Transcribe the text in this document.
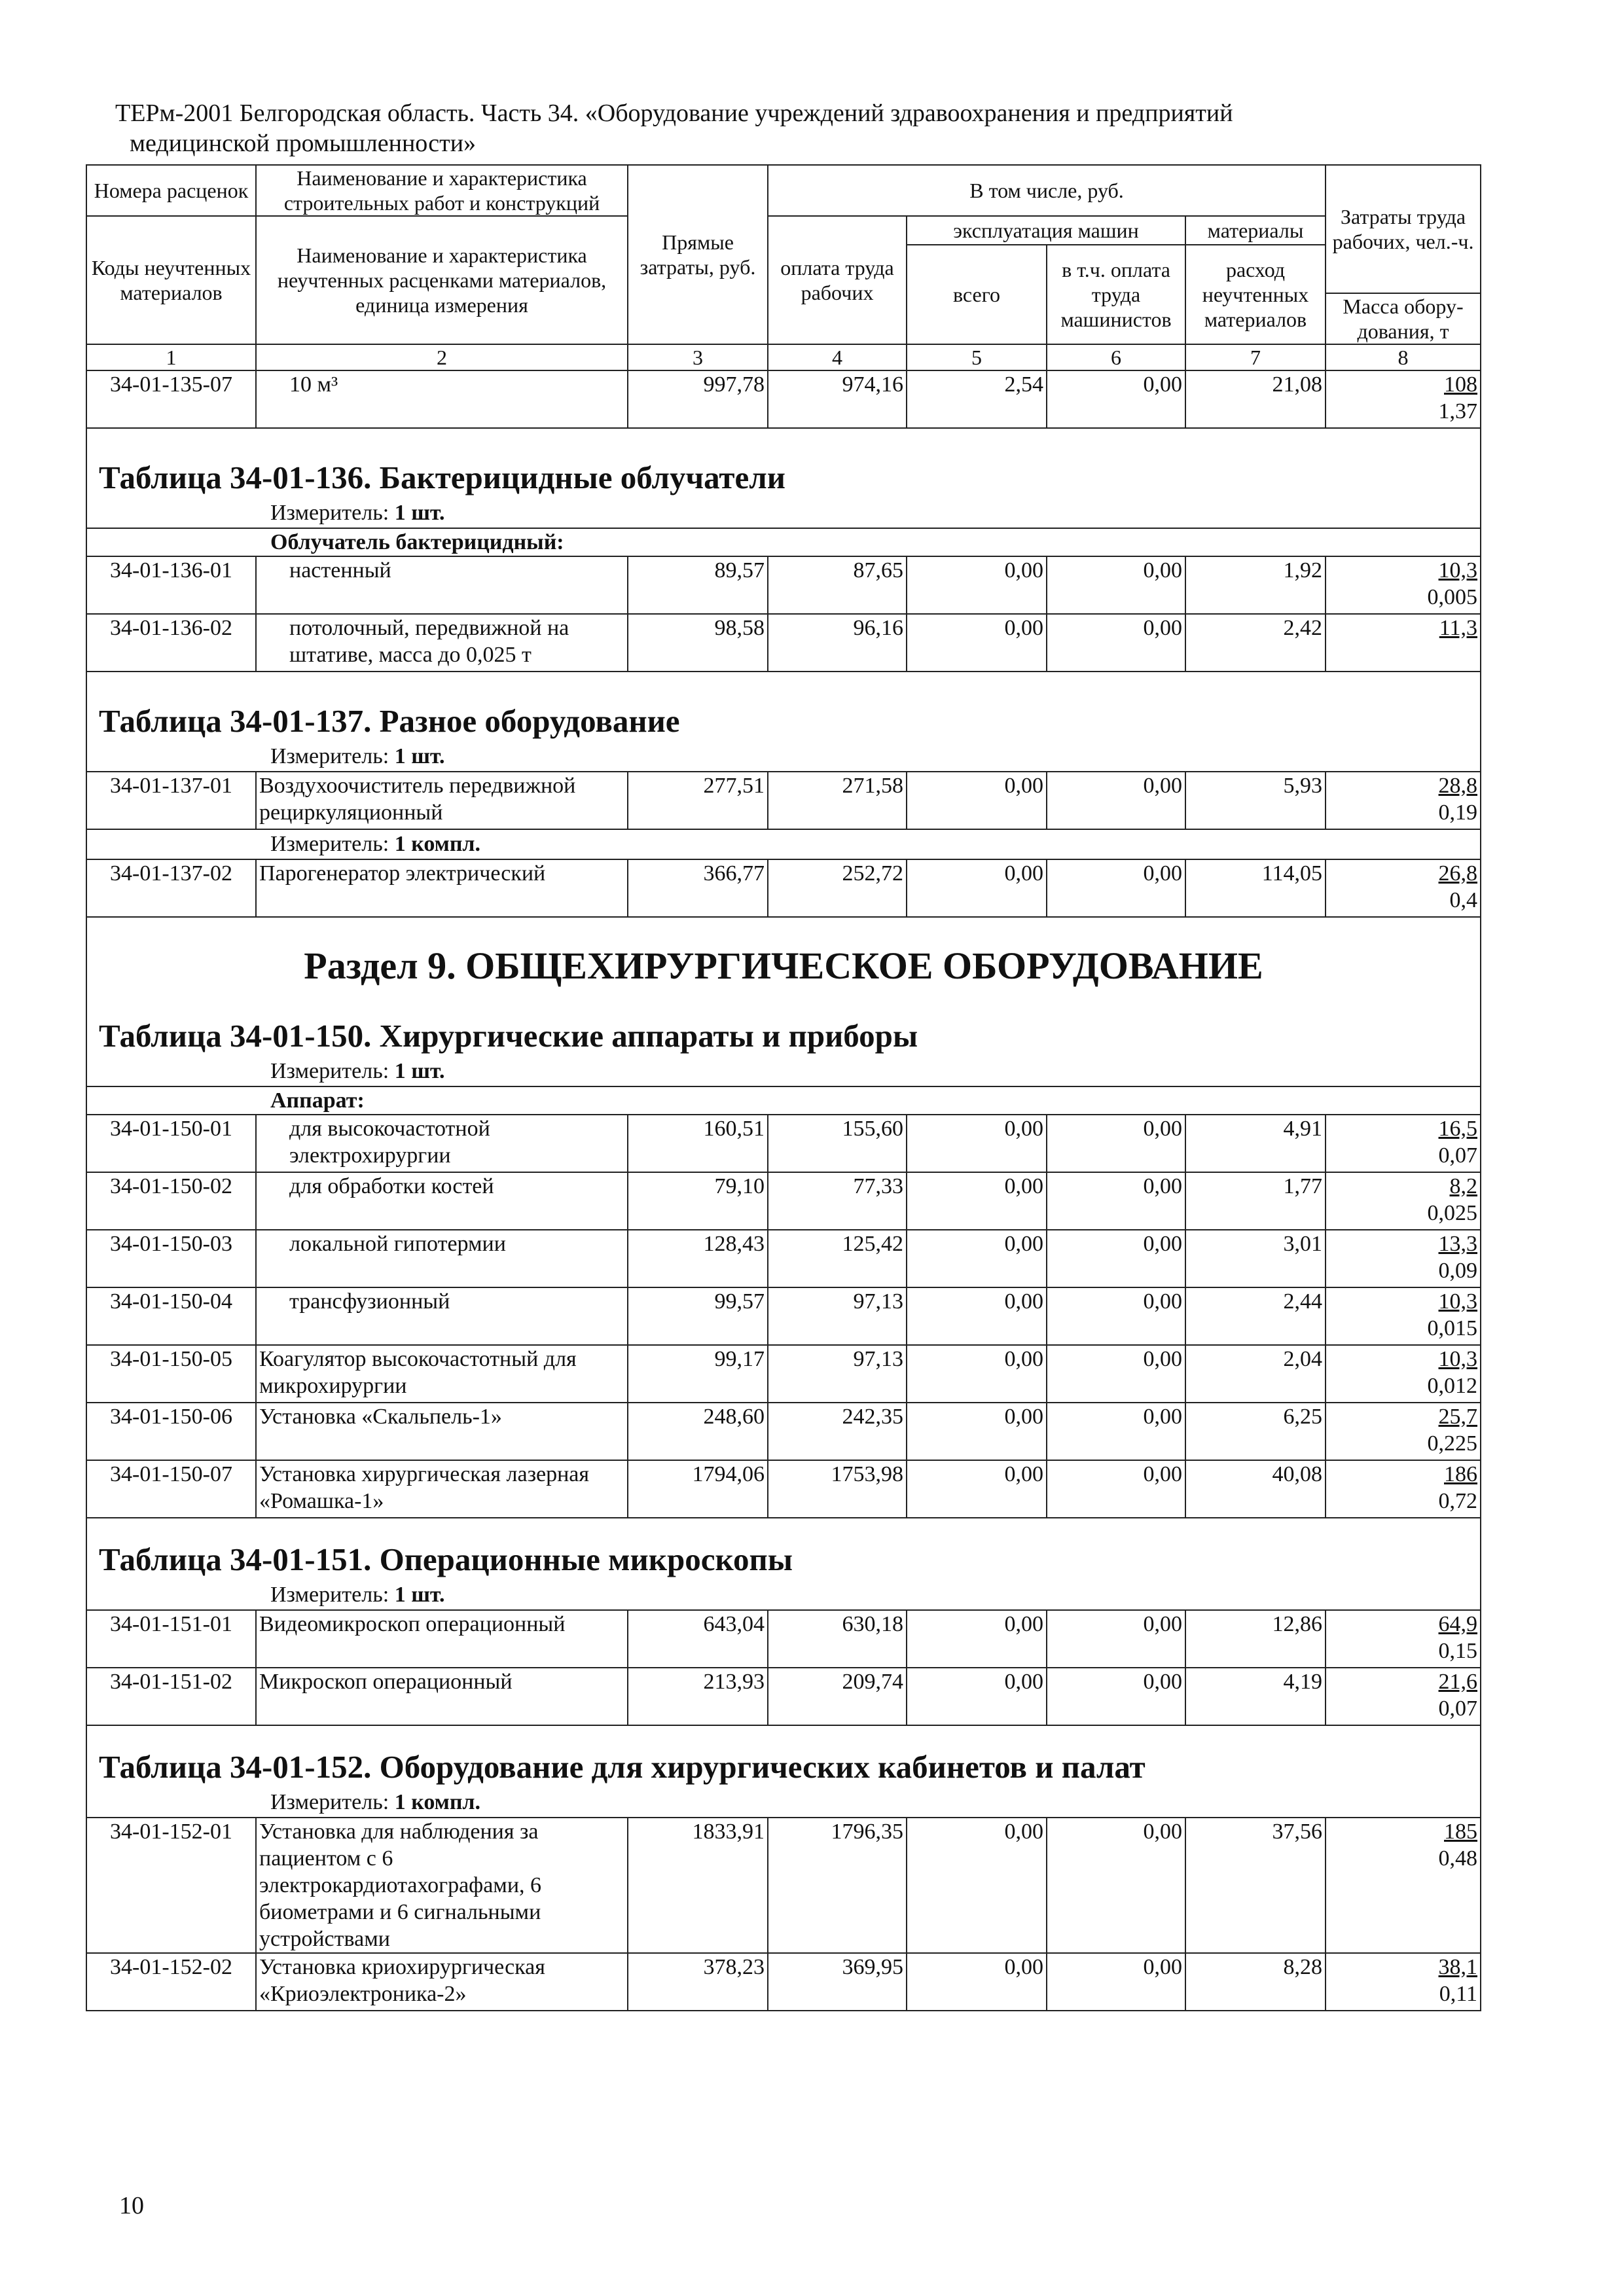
ТЕРм-2001 Белгородская область. Часть 34. «Оборудование учреждений здравоохранения и предприятий
медицинской промышленности»
Номера расценок	Наименование и характеристика строительных работ и конструкций	Прямые затраты, руб.	В том числе, руб.				Затраты труда рабочих, чел.-ч.
Коды неучтенных материалов	Наименование и характеристика неучтенных расценками материалов, единица измерения		оплата труда рабочих	эксплуатация машин		материалы	
				всего	в т.ч. оплата труда машинистов	расход неучтенных материалов	
							Масса обору-дования, т
1	2	3	4	5	6	7	8
34-01-135-07	10 м³	997,78	974,16	2,54	0,00	21,08	108
1,37

Таблица 34-01-136. Бактерицидные облучатели							
Измеритель: 1 шт.							
Облучатель бактерицидный:							
34-01-136-01	настенный	89,57	87,65	0,00	0,00	1,92	10,3
0,005

34-01-136-02	потолочный, передвижной на штативе, масса до 0,025 т	98,58	96,16	0,00	0,00	2,42	11,3

Таблица 34-01-137. Разное оборудование							
Измеритель: 1 шт.							
34-01-137-01	Воздухоочиститель передвижной рециркуляционный	277,51	271,58	0,00	0,00	5,93	28,8
0,19

Измеритель: 1 компл.							
34-01-137-02	Парогенератор электрический	366,77	252,72	0,00	0,00	114,05	26,8
0,4

Раздел 9. ОБЩЕХИРУРГИЧЕСКОЕ ОБОРУДОВАНИЕ							

Таблица 34-01-150. Хирургические аппараты и приборы							
Измеритель: 1 шт.							
Аппарат:							
34-01-150-01	для высокочастотной электрохирургии	160,51	155,60	0,00	0,00	4,91	16,5
0,07

34-01-150-02	для обработки костей	79,10	77,33	0,00	0,00	1,77	8,2
0,025

34-01-150-03	локальной гипотермии	128,43	125,42	0,00	0,00	3,01	13,3
0,09

34-01-150-04	трансфузионный	99,57	97,13	0,00	0,00	2,44	10,3
0,015

34-01-150-05	Коагулятор высокочастотный для микрохирургии	99,17	97,13	0,00	0,00	2,04	10,3
0,012

34-01-150-06	Установка «Скальпель-1»	248,60	242,35	0,00	0,00	6,25	25,7
0,225

34-01-150-07	Установка хирургическая лазерная «Ромашка-1»	1794,06	1753,98	0,00	0,00	40,08	186
0,72

Таблица 34-01-151. Операционные микроскопы							
Измеритель: 1 шт.							
34-01-151-01	Видеомикроскоп операционный	643,04	630,18	0,00	0,00	12,86	64,9
0,15

34-01-151-02	Микроскоп операционный	213,93	209,74	0,00	0,00	4,19	21,6
0,07

Таблица 34-01-152. Оборудование для хирургических кабинетов и палат							
Измеритель: 1 компл.							
34-01-152-01	Установка для наблюдения за пациентом с 6 электрокардиотахографами, 6 биометрами и 6 сигнальными устройствами	1833,91	1796,35	0,00	0,00	37,56	185
0,48

34-01-152-02	Установка криохирургическая «Криоэлектроника-2»	378,23	369,95	0,00	0,00	8,28	38,1
0,11
10
